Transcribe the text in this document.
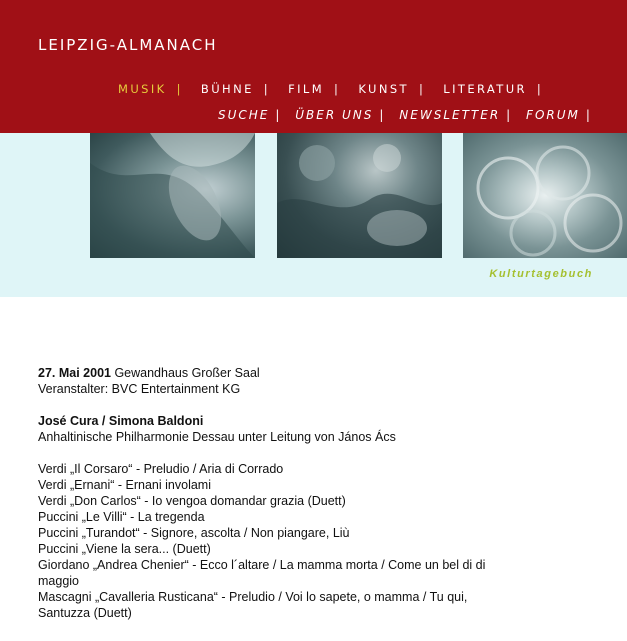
LEIPZIG-ALMANACH
MUSIK | BÜHNE | FILM | KUNST | LITERATUR |
SUCHE | ÜBER UNS | NEWSLETTER | FORUM |
Kulturtagebuch

27. Mai 2001 Gewandhaus Großer Saal

Veranstalter: BVC Entertainment KG

José Cura / Simona Baldoni

Anhaltinische Philharmonie Dessau unter Leitung von János Ács

Verdi „Il Corsaro“ - Preludio / Aria di Corrado

Verdi „Ernani“ - Ernani involami

Verdi „Don Carlos“ - Io vengoa domandar grazia (Duett)

Puccini „Le Villi“ - La tregenda

Puccini „Turandot“ - Signore, ascolta / Non piangare, Liù

Puccini „Viene la sera... (Duett)

Giordano „Andrea Chenier“ - Ecco l´altare / La mamma morta / Come un bel di di maggio

Mascagni „Cavalleria Rusticana“ - Preludio / Voi lo sapete, o mamma / Tu qui, Santuzza (Duett)
